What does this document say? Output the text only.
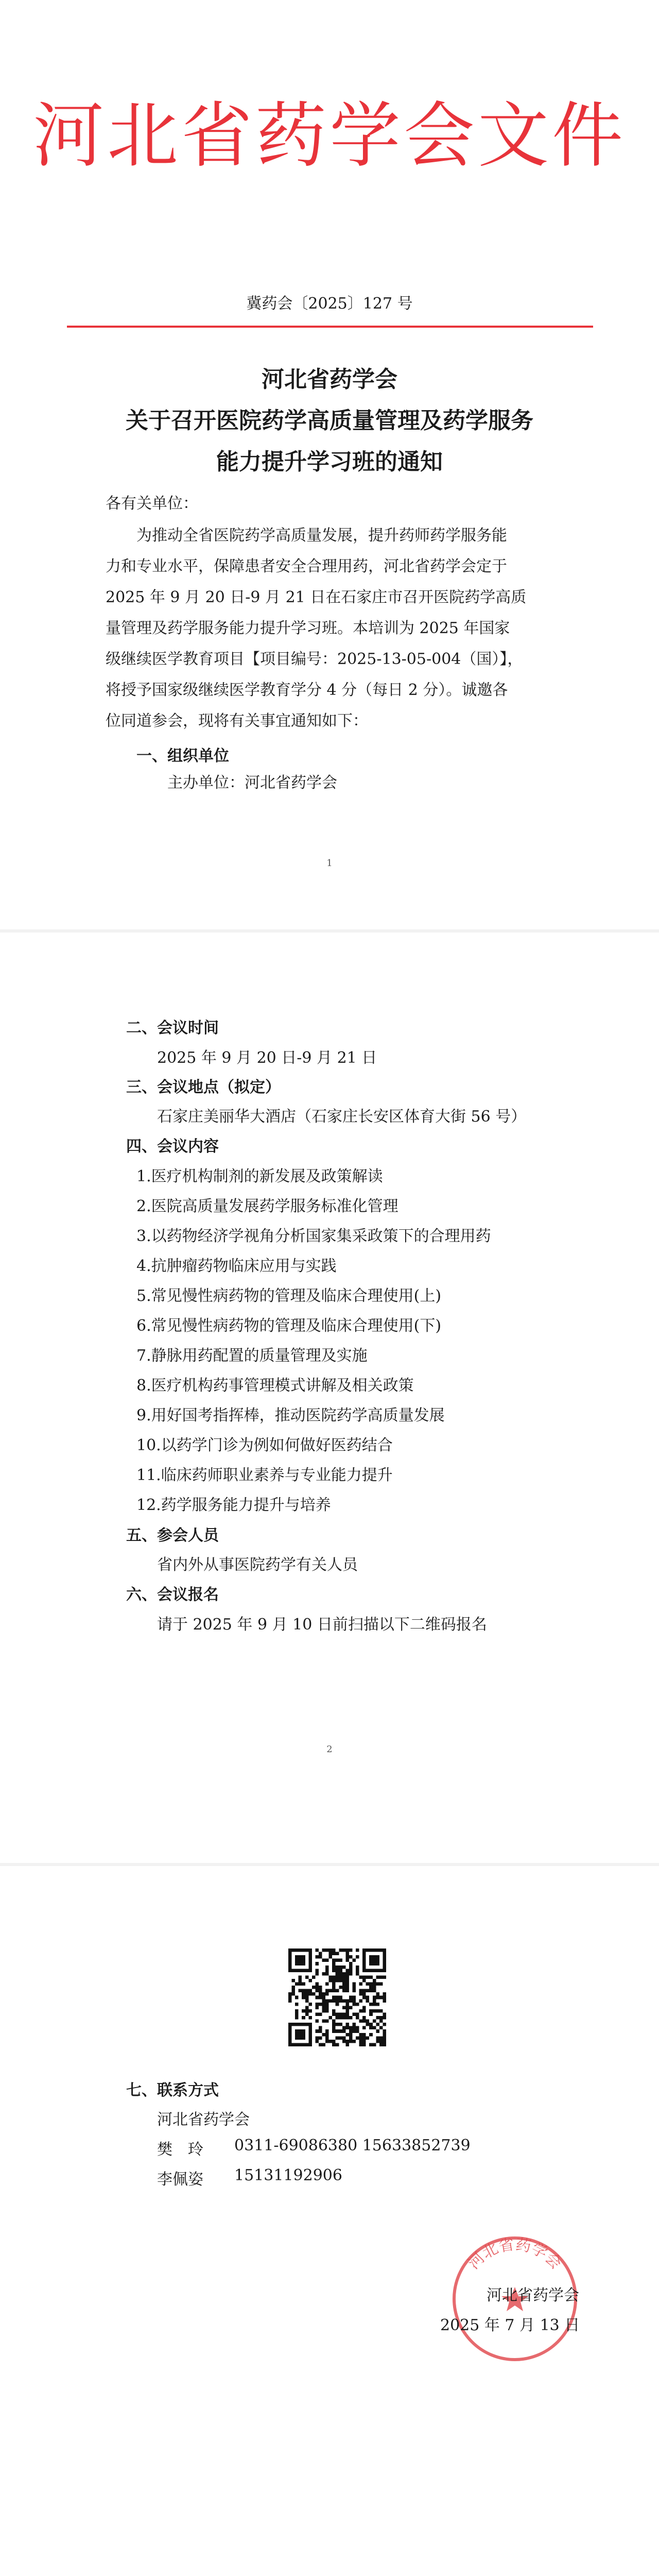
河北省药学会文件
冀药会〔2025〕127 号
河北省药学会
关于召开医院药学高质量管理及药学服务
能力提升学习班的通知
各有关单位：
为推动全省医院药学高质量发展，提升药师药学服务能
力和专业水平，保障患者安全合理用药，河北省药学会定于
2025 年 9 月 20 日-9 月 21 日在石家庄市召开医院药学高质
量管理及药学服务能力提升学习班。本培训为 2025 年国家
级继续医学教育项目【项目编号：2025-13-05-004（国）】，
将授予国家级继续医学教育学分 4 分（每日 2 分）。诚邀各
位同道参会，现将有关事宜通知如下：
一、组织单位
主办单位：河北省药学会
1
二、会议时间
2025 年 9 月 20 日-9 月 21 日
三、会议地点（拟定）
石家庄美丽华大酒店（石家庄长安区体育大街 56 号）
四、会议内容
1.医疗机构制剂的新发展及政策解读
2.医院高质量发展药学服务标准化管理
3.以药物经济学视角分析国家集采政策下的合理用药
4.抗肿瘤药物临床应用与实践
5.常见慢性病药物的管理及临床合理使用(上)
6.常见慢性病药物的管理及临床合理使用(下)
7.静脉用药配置的质量管理及实施
8.医疗机构药事管理模式讲解及相关政策
9.用好国考指挥棒，推动医院药学高质量发展
10.以药学门诊为例如何做好医药结合
11.临床药师职业素养与专业能力提升
12.药学服务能力提升与培养
五、参会人员
省内外从事医院药学有关人员
六、会议报名
请于 2025 年 9 月 10 日前扫描以下二维码报名
2
七、联系方式
河北省药学会
樊　玲 0311-69086380 15633852739
李佩姿 15131192906
河北省药学会
河北省药学会
2025 年 7 月 13 日
